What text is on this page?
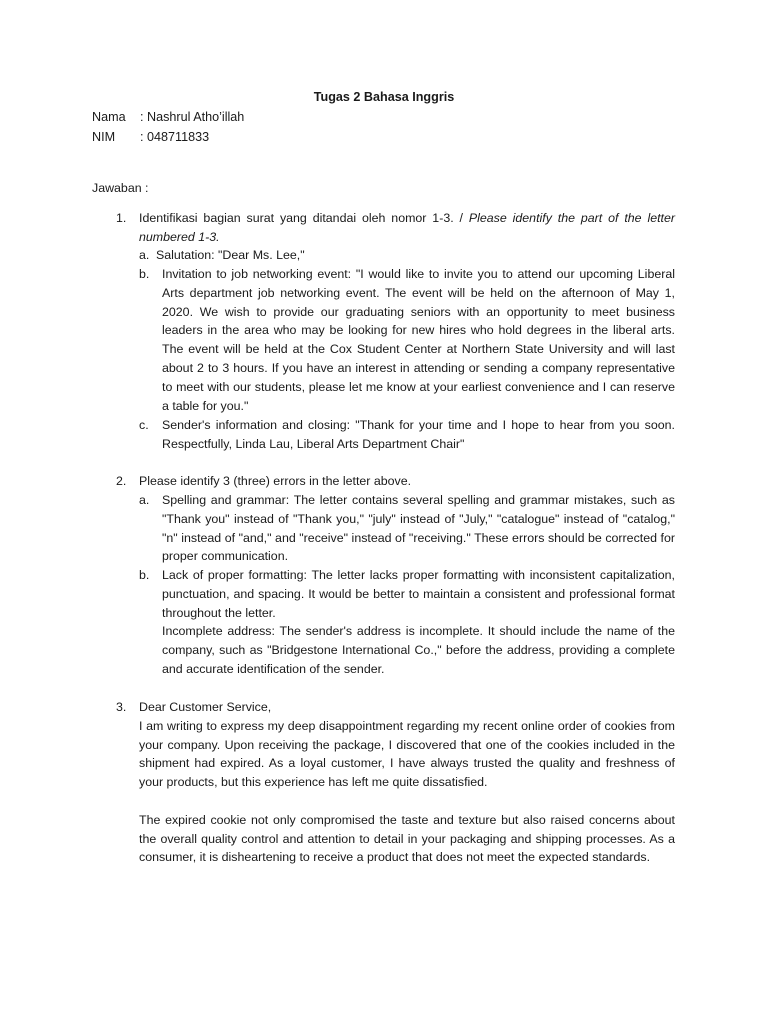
Tugas 2 Bahasa Inggris
Nama : Nashrul Atho’illah
NIM : 048711833
Jawaban :
1. Identifikasi bagian surat yang ditandai oleh nomor 1-3. / Please identify the part of the letter numbered 1-3.
a. Salutation: "Dear Ms. Lee,"
b. Invitation to job networking event: "I would like to invite you to attend our upcoming Liberal Arts department job networking event. The event will be held on the afternoon of May 1, 2020. We wish to provide our graduating seniors with an opportunity to meet business leaders in the area who may be looking for new hires who hold degrees in the liberal arts. The event will be held at the Cox Student Center at Northern State University and will last about 2 to 3 hours. If you have an interest in attending or sending a company representative to meet with our students, please let me know at your earliest convenience and I can reserve a table for you."
c. Sender's information and closing: "Thank for your time and I hope to hear from you soon. Respectfully, Linda Lau, Liberal Arts Department Chair"
2. Please identify 3 (three) errors in the letter above.
a. Spelling and grammar: The letter contains several spelling and grammar mistakes, such as "Thank you" instead of "Thank you," "july" instead of "July," "catalogue" instead of "catalog," "n" instead of "and," and "receive" instead of "receiving." These errors should be corrected for proper communication.
b. Lack of proper formatting: The letter lacks proper formatting with inconsistent capitalization, punctuation, and spacing. It would be better to maintain a consistent and professional format throughout the letter.

Incomplete address: The sender's address is incomplete. It should include the name of the company, such as "Bridgestone International Co.," before the address, providing a complete and accurate identification of the sender.

3. Dear Customer Service,

I am writing to express my deep disappointment regarding my recent online order of cookies from your company. Upon receiving the package, I discovered that one of the cookies included in the shipment had expired. As a loyal customer, I have always trusted the quality and freshness of your products, but this experience has left me quite dissatisfied.

The expired cookie not only compromised the taste and texture but also raised concerns about the overall quality control and attention to detail in your packaging and shipping processes. As a consumer, it is disheartening to receive a product that does not meet the expected standards.
